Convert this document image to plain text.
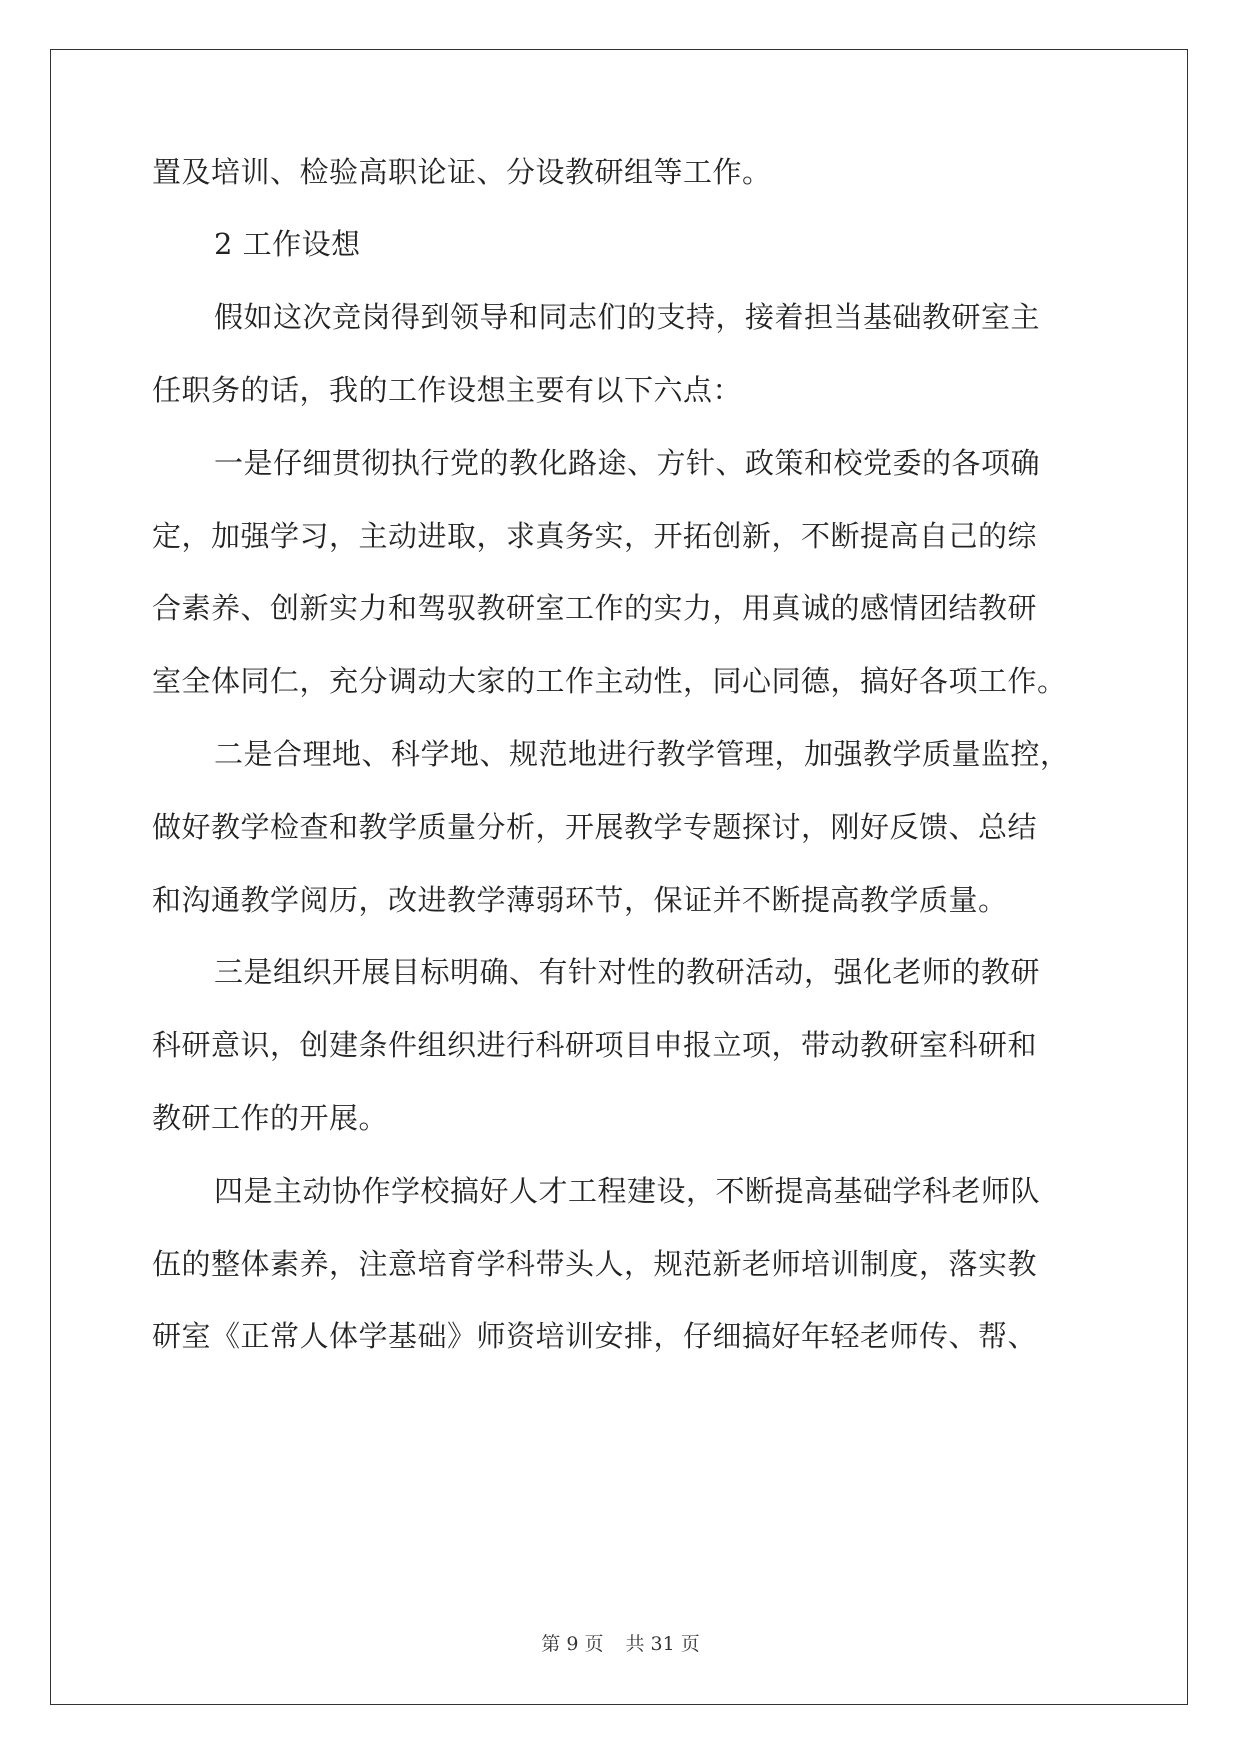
置及培训、检验高职论证、分设教研组等工作。

2 工作设想

假如这次竞岗得到领导和同志们的支持，接着担当基础教研室主

任职务的话，我的工作设想主要有以下六点：

一是仔细贯彻执行党的教化路途、方针、政策和校党委的各项确

定，加强学习，主动进取，求真务实，开拓创新，不断提高自己的综

合素养、创新实力和驾驭教研室工作的实力，用真诚的感情团结教研

室全体同仁，充分调动大家的工作主动性，同心同德，搞好各项工作。

二是合理地、科学地、规范地进行教学管理，加强教学质量监控，

做好教学检查和教学质量分析，开展教学专题探讨，刚好反馈、总结

和沟通教学阅历，改进教学薄弱环节，保证并不断提高教学质量。

三是组织开展目标明确、有针对性的教研活动，强化老师的教研

科研意识，创建条件组织进行科研项目申报立项，带动教研室科研和

教研工作的开展。

四是主动协作学校搞好人才工程建设，不断提高基础学科老师队

伍的整体素养，注意培育学科带头人，规范新老师培训制度，落实教

研室《正常人体学基础》师资培训安排，仔细搞好年轻老师传、帮、

第 9 页 共 31 页
